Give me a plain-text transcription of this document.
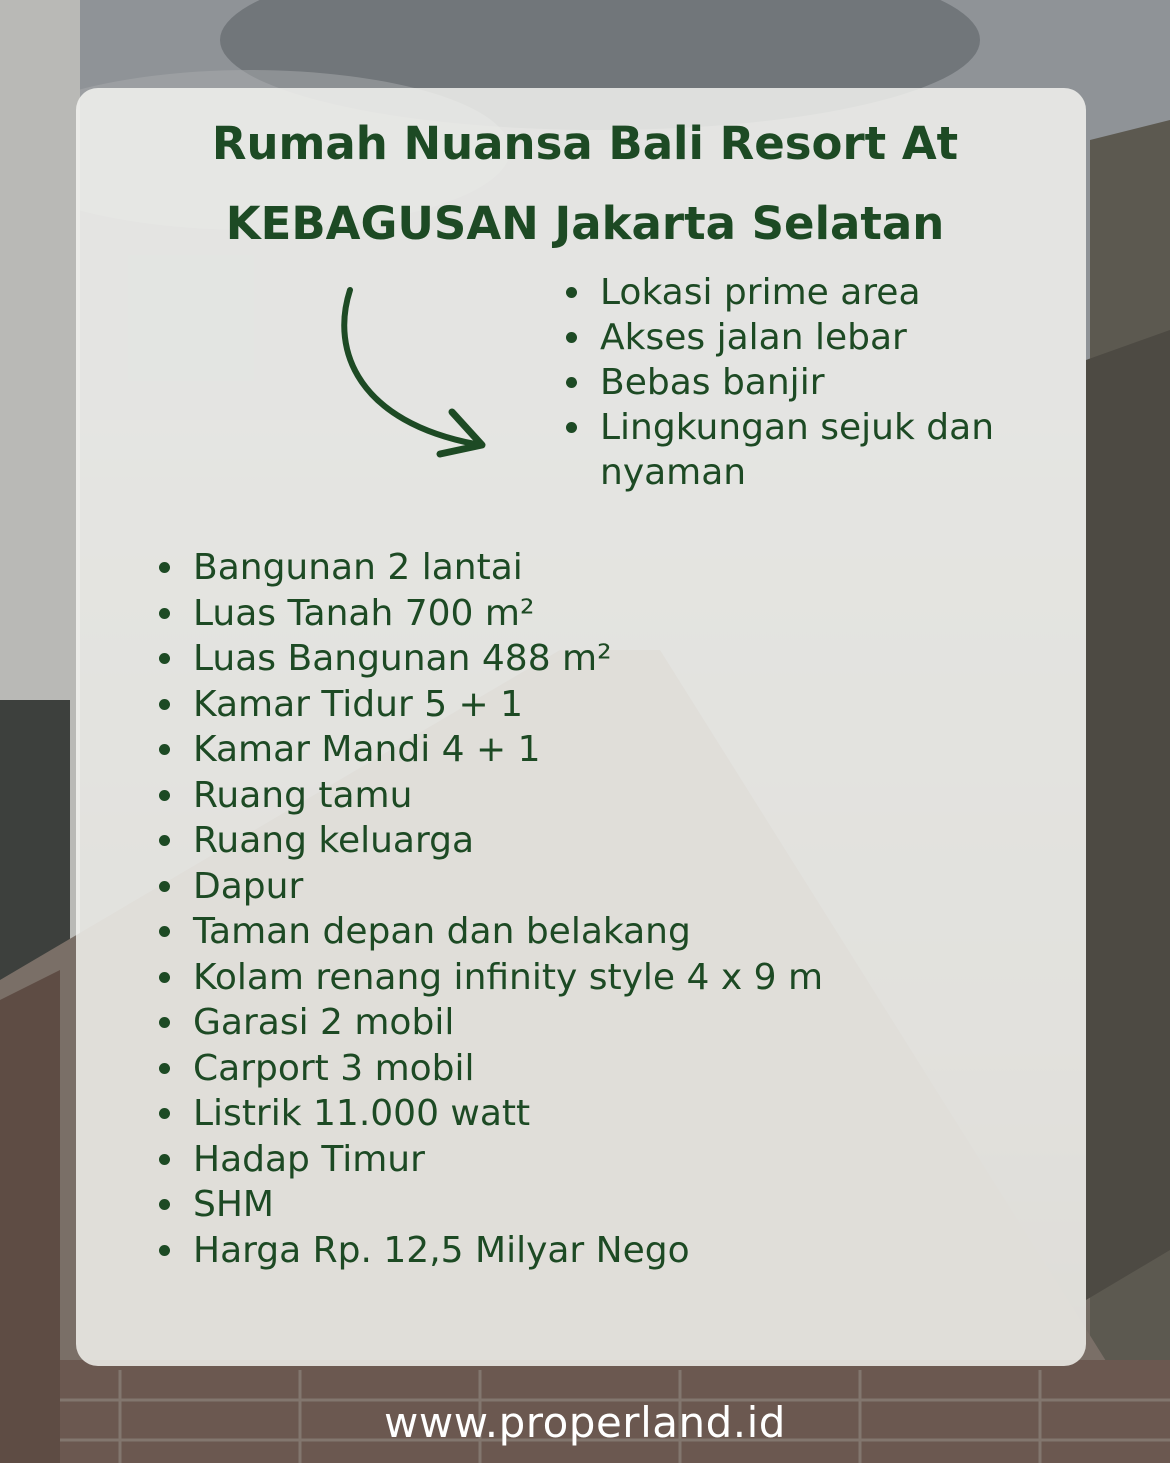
Rumah Nuansa Bali Resort At
KEBAGUSAN Jakarta Selatan
Lokasi prime area
Akses jalan lebar
Bebas banjir
Lingkungan sejuk dan nyaman
Bangunan 2 lantai
Luas Tanah 700 m²
Luas Bangunan 488 m²
Kamar Tidur 5 + 1
Kamar Mandi 4 + 1
Ruang tamu
Ruang keluarga
Dapur
Taman depan dan belakang
Kolam renang infinity style 4 x 9 m
Garasi 2 mobil
Carport 3 mobil
Listrik 11.000 watt
Hadap Timur
SHM
Harga Rp. 12,5 Milyar Nego
www.properland.id
